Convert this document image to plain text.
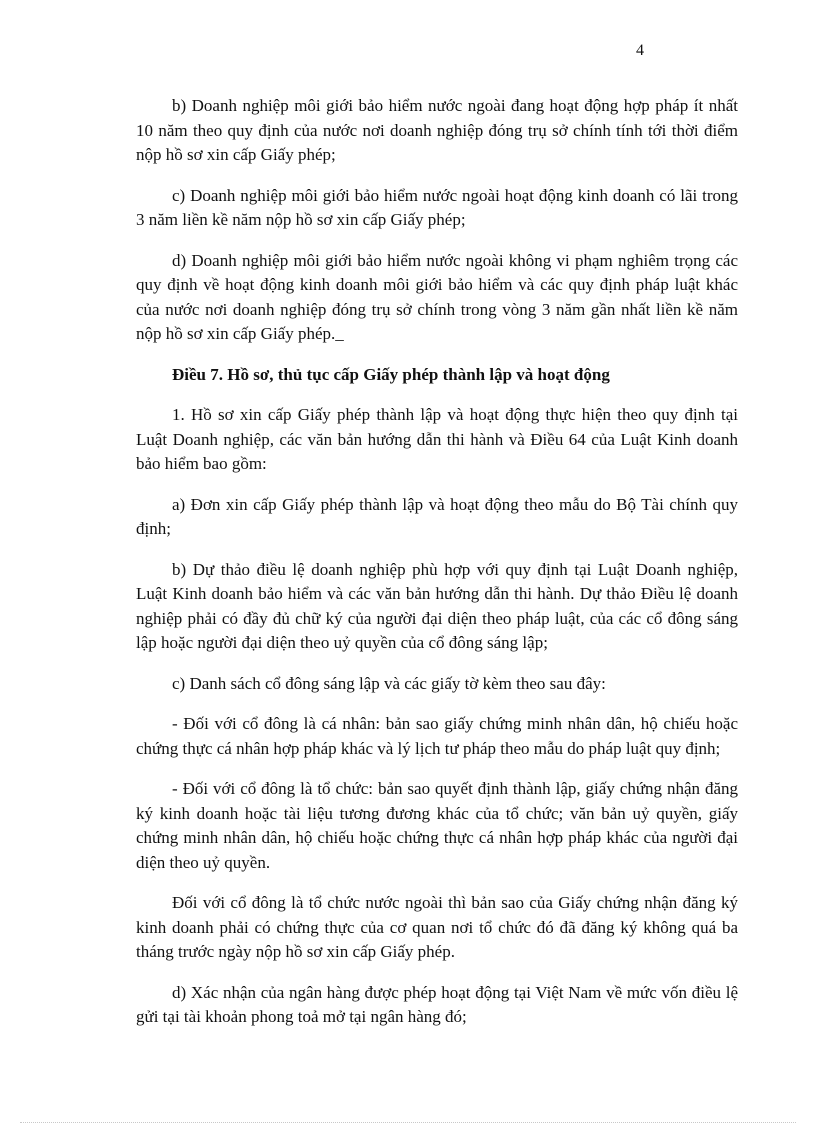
4

b) Doanh nghiệp môi giới bảo hiểm nước ngoài đang hoạt động hợp pháp ít nhất 10 năm theo quy định của nước nơi doanh nghiệp đóng trụ sở chính tính tới thời điểm nộp hồ sơ xin cấp Giấy phép;

c) Doanh nghiệp môi giới bảo hiểm nước ngoài hoạt động kinh doanh có lãi trong 3 năm liền kề năm nộp hồ sơ xin cấp Giấy phép;

d) Doanh nghiệp môi giới bảo hiểm nước ngoài không vi phạm nghiêm trọng các quy định về hoạt động kinh doanh môi giới bảo hiểm và các quy định pháp luật khác của nước nơi doanh nghiệp đóng trụ sở chính trong vòng 3 năm gần nhất liền kề năm nộp hồ sơ xin cấp Giấy phép._

Điều 7. Hồ sơ, thủ tục cấp Giấy phép thành lập và hoạt động

1. Hồ sơ xin cấp Giấy phép thành lập và hoạt động thực hiện theo quy định tại Luật Doanh nghiệp, các văn bản hướng dẫn thi hành và Điều 64 của Luật Kinh doanh bảo hiểm bao gồm:

a) Đơn xin cấp Giấy phép thành lập và hoạt động theo mẫu do Bộ Tài chính quy định;

b) Dự thảo điều lệ doanh nghiệp phù hợp với quy định tại Luật Doanh nghiệp, Luật Kinh doanh bảo hiểm và các văn bản hướng dẫn thi hành. Dự thảo Điều lệ doanh nghiệp phải có đầy đủ chữ ký của người đại diện theo pháp luật, của các cổ đông sáng lập hoặc người đại diện theo uỷ quyền của cổ đông sáng lập;

c) Danh sách cổ đông sáng lập và các giấy tờ kèm theo sau đây:

- Đối với cổ đông là cá nhân: bản sao giấy chứng minh nhân dân, hộ chiếu hoặc chứng thực cá nhân hợp pháp khác và lý lịch tư pháp theo mẫu do pháp luật quy định;

- Đối với cổ đông là tổ chức: bản sao quyết định thành lập, giấy chứng nhận đăng ký kinh doanh hoặc tài liệu tương đương khác của tổ chức; văn bản uỷ quyền, giấy chứng minh nhân dân, hộ chiếu hoặc chứng thực cá nhân hợp pháp khác của người đại diện theo uỷ quyền.

Đối với cổ đông là tổ chức nước ngoài thì bản sao của Giấy chứng nhận đăng ký kinh doanh phải có chứng thực của cơ quan nơi tổ chức đó đã đăng ký không quá ba tháng trước ngày nộp hồ sơ xin cấp Giấy phép.

d) Xác nhận của ngân hàng được phép hoạt động tại Việt Nam về mức vốn điều lệ gửi tại tài khoản phong toả mở tại ngân hàng đó;
